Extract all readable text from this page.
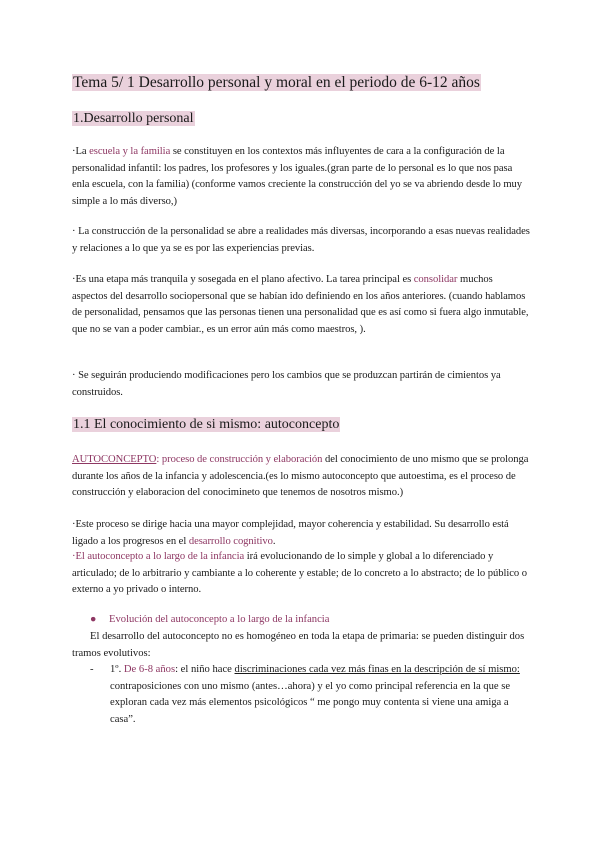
Tema 5/ 1 Desarrollo personal y moral en el periodo de 6-12 años
1.Desarrollo personal

·La escuela y la familia se constituyen en los contextos más influyentes de cara a la configuración de la personalidad infantil: los padres, los profesores y los iguales.(gran parte de lo personal es lo que nos pasa enla escuela, con la familia) (conforme vamos creciente la construcción del yo se va abriendo desde lo muy simple a lo más diverso,)

· La construcción de la personalidad se abre a realidades más diversas, incorporando a esas nuevas realidades y relaciones a lo que ya se es por las experiencias previas.

·Es una etapa más tranquila y sosegada en el plano afectivo. La tarea principal es consolidar muchos aspectos del desarrollo sociopersonal que se habían ido definiendo en los años anteriores. (cuando hablamos de personalidad, pensamos que las personas tienen una personalidad que es así como si fuera algo inmutable, que no se van a poder cambiar., es un error aún más como maestros, ).

· Se seguirán produciendo modificaciones pero los cambios que se produzcan partirán de cimientos ya construidos.

1.1 El conocimiento de si mismo: autoconcepto

AUTOCONCEPTO: proceso de construcción y elaboración del conocimiento de uno mismo que se prolonga durante los años de la infancia y adolescencia.(es lo mismo autoconcepto que autoestima, es el proceso de construcción y elaboracion del conocimineto que tenemos de nosotros mismo.)

·Este proceso se dirige hacia una mayor complejidad, mayor coherencia y estabilidad. Su desarrollo está ligado a los progresos en el desarrollo cognitivo.

·El autoconcepto a lo largo de la infancia irá evolucionando de lo simple y global a lo diferenciado y articulado; de lo arbitrario y cambiante a lo coherente y estable; de lo concreto a lo abstracto; de lo público o externo a yo privado o interno.

●	Evolución del autoconcepto a lo largo de la infancia
El desarrollo del autoconcepto no es homogéneo en toda la etapa de primaria: se pueden distinguir dos tramos evolutivos:
- 1º. De 6-8 años: el niño hace discriminaciones cada vez más finas en la descripción de sí mismo: contraposiciones con uno mismo (antes…ahora) y el yo como principal referencia en la que se exploran cada vez más elementos psicológicos “ me pongo muy contenta si viene una amiga a casa”.
